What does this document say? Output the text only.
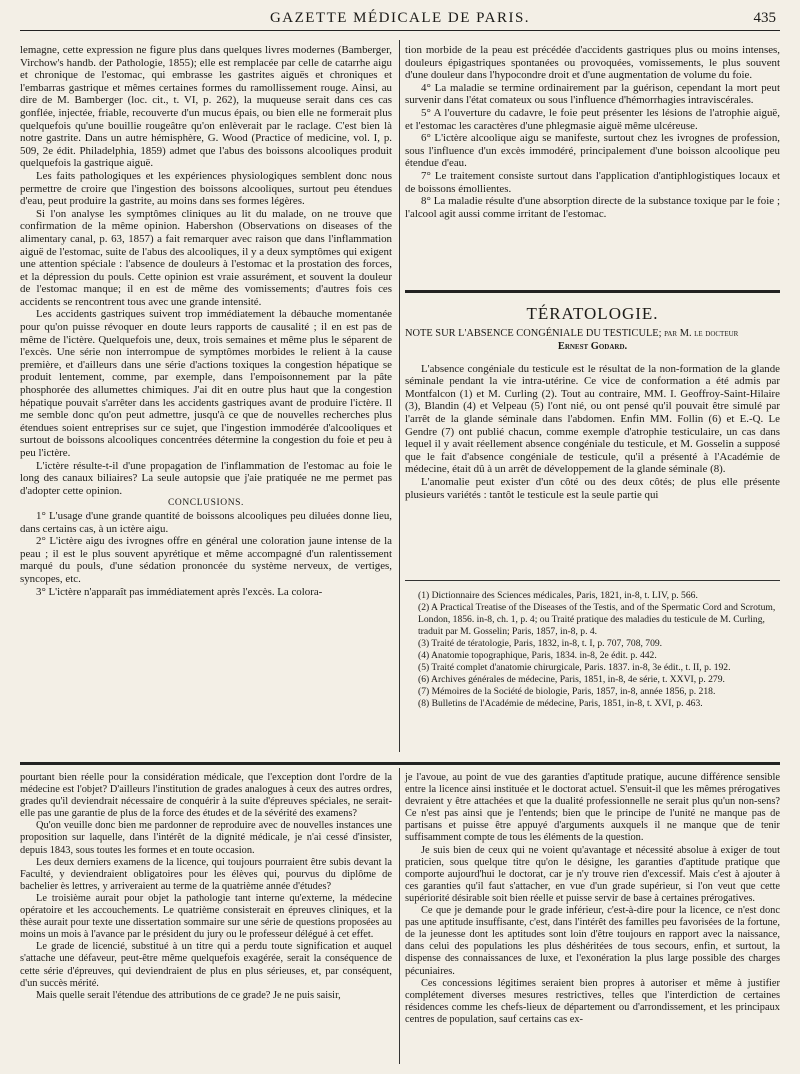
GAZETTE MÉDICALE DE PARIS.	435

lemagne, cette expression ne figure plus dans quelques livres modernes (Bamberger, Virchow's handb. der Pathologie, 1855); elle est remplacée par celle de catarrhe aigu et chronique de l'estomac, qui embrasse les gastrites aiguës et chroniques et l'embarras gastrique et mêmes certaines formes du ramollissement rouge. Ainsi, au dire de M. Bamberger (loc. cit., t. VI, p. 262), la muqueuse serait dans ces cas gonflée, injectée, friable, recouverte d'un mucus épais, ou bien elle ne formerait plus quelquefois qu'une bouillie rougeâtre qu'on enlèverait par le raclage. C'est bien là notre gastrite. Dans un autre hémisphère, G. Wood (Practice of medicine, vol. I, p. 509, 2e édit. Philadelphia, 1859) admet que l'abus des boissons alcooliques produit quelquefois la gastrique aiguë.

Les faits pathologiques et les expériences physiologiques semblent donc nous permettre de croire que l'ingestion des boissons alcooliques, surtout peu étendues d'eau, peut produire la gastrite, au moins dans ses formes légères.

Si l'on analyse les symptômes cliniques au lit du malade, on ne trouve que confirmation de la même opinion. Habershon (Observations on diseases of the alimentary canal, p. 63, 1857) a fait remarquer avec raison que dans l'inflammation aiguë de l'estomac, suite de l'abus des alcooliques, il y a deux symptômes qui exigent une attention spéciale : l'absence de douleurs à l'estomac et la prostation des forces, et la dépression du pouls. Cette opinion est vraie assurément, et souvent la douleur de l'estomac manque; il en est de même des vomissements; d'autres fois ces accidents se rencontrent tous avec une grande intensité.

Les accidents gastriques suivent trop immédiatement la débauche momentanée pour qu'on puisse révoquer en doute leurs rapports de causalité ; il en est pas de même de l'ictère. Quelquefois une, deux, trois semaines et même plus le séparent de l'excès. Une série non interrompue de symptômes morbides le relient à la cause première, et d'ailleurs dans une série d'actions toxiques la congestion hépatique se produit lentement, comme, par exemple, dans l'empoisonnement par la pâte phosphorée des allumettes chimiques. J'ai dit en outre plus haut que la congestion hépatique pouvait s'arrêter dans les accidents gastriques avant de produire l'ictère. Il me semble donc qu'on peut admettre, jusqu'à ce que de nouvelles recherches plus étendues soient entreprises sur ce sujet, que l'ingestion immodérée d'alcooliques et surtout de boissons alcooliques concentrées détermine la congestion du foie et peu à peu l'ictère.

L'ictère résulte-t-il d'une propagation de l'inflammation de l'estomac au foie le long des canaux biliaires? La seule autopsie que j'aie pratiquée ne me permet pas d'adopter cette opinion.

CONCLUSIONS.

1° L'usage d'une grande quantité de boissons alcooliques peu diluées donne lieu, dans certains cas, à un ictère aigu.

2° L'ictère aigu des ivrognes offre en général une coloration jaune intense de la peau ; il est le plus souvent apyrétique et même accompagné d'un ralentissement marqué du pouls, d'une sédation prononcée du système nerveux, de vertiges, syncopes, etc.

3° L'ictère n'apparaît pas immédiatement après l'excès. La colora-

tion morbide de la peau est précédée d'accidents gastriques plus ou moins intenses, douleurs épigastriques spontanées ou provoquées, vomissements, le plus souvent d'une douleur dans l'hypocondre droit et d'une augmentation de volume du foie.

4° La maladie se termine ordinairement par la guérison, cependant la mort peut survenir dans l'état comateux ou sous l'influence d'hémorrhagies intraviscérales.

5° A l'ouverture du cadavre, le foie peut présenter les lésions de l'atrophie aiguë, et l'estomac les caractères d'une phlegmasie aiguë même ulcéreuse.

6° L'ictère alcoolique aigu se manifeste, surtout chez les ivrognes de profession, sous l'influence d'un excès immodéré, principalement d'une boisson alcoolique peu étendue d'eau.

7° Le traitement consiste surtout dans l'application d'antiphlogistiques locaux et de boissons émollientes.

8° La maladie résulte d'une absorption directe de la substance toxique par le foie ; l'alcool agit aussi comme irritant de l'estomac.

TÉRATOLOGIE.
NOTE SUR L'ABSENCE CONGÉNIALE DU TESTICULE; par M. le docteur
Ernest Godard.

L'absence congéniale du testicule est le résultat de la non-formation de la glande séminale pendant la vie intra-utérine. Ce vice de conformation a été admis par Montfalcon (1) et M. Curling (2). Tout au contraire, MM. I. Geoffroy-Saint-Hilaire (3), Blandin (4) et Velpeau (5) l'ont nié, ou ont pensé qu'il pouvait être simulé par l'arrêt de la glande séminale dans l'abdomen. Enfin MM. Follin (6) et E.-Q. Le Gendre (7) ont publié chacun, comme exemple d'atrophie testiculaire, un cas dans lequel il y avait réellement absence congéniale du testicule, et M. Gosselin a supposé que le fait d'absence congéniale de testicule, qu'il a présenté à l'Académie de médecine, était dû à un arrêt de développement de la glande séminale (8).

L'anomalie peut exister d'un côté ou des deux côtés; de plus elle présente plusieurs variétés : tantôt le testicule est la seule partie qui

(1) Dictionnaire des Sciences médicales, Paris, 1821, in-8, t. LIV, p. 566.
(2) A Practical Treatise of the Diseases of the Testis, and of the Spermatic Cord and Scrotum, London, 1856. in-8, ch. 1, p. 4; ou Traité pratique des maladies du testicule de M. Curling, traduit par M. Gosselin; Paris, 1857, in-8, p. 4.
(3) Traité de tératologie, Paris, 1832, in-8, t. I, p. 707, 708, 709.
(4) Anatomie topographique, Paris, 1834. in-8, 2e édit. p. 442.
(5) Traité complet d'anatomie chirurgicale, Paris. 1837. in-8, 3e édit., t. II, p. 192.
(6) Archives générales de médecine, Paris, 1851, in-8, 4e série, t. XXVI, p. 279.
(7) Mémoires de la Société de biologie, Paris, 1857, in-8, année 1856, p. 218.
(8) Bulletins de l'Académie de médecine, Paris, 1851, in-8, t. XVI, p. 463.

pourtant bien réelle pour la considération médicale, que l'exception dont l'ordre de la médecine est l'objet? D'ailleurs l'institution de grades analogues à ceux des autres ordres, grades qu'il deviendrait nécessaire de conquérir à la suite d'épreuves spéciales, ne serait-elle pas une garantie de plus de la force des études et de la sévérité des examens?

Qu'on veuille donc bien me pardonner de reproduire avec de nouvelles instances une proposition sur laquelle, dans l'intérêt de la dignité médicale, je n'ai cessé d'insister, depuis 1843, sous toutes les formes et en toute occasion.

Les deux derniers examens de la licence, qui toujours pourraient être subis devant la Faculté, y deviendraient obligatoires pour les élèves qui, pourvus du diplôme de bachelier ès lettres, y arriveraient au terme de la quatrième année d'études?

Le troisième aurait pour objet la pathologie tant interne qu'externe, la médecine opératoire et les accouchements. Le quatrième consisterait en épreuves cliniques, et la thèse aurait pour texte une dissertation sommaire sur une série de questions proposées au moins un mois à l'avance par le président du jury ou le professeur délégué à cet effet.

Le grade de licencié, substitué à un titre qui a perdu toute signification et auquel s'attache une défaveur, peut-être même quelquefois exagérée, serait la conséquence de cette série d'épreuves, qui deviendraient de plus en plus sérieuses, et, par conséquent, d'un succès mérité.

Mais quelle serait l'étendue des attributions de ce grade? Je ne puis saisir,

je l'avoue, au point de vue des garanties d'aptitude pratique, aucune différence sensible entre la licence ainsi instituée et le doctorat actuel. S'ensuit-il que les mêmes prérogatives devraient y être attachées et que la dualité professionnelle ne serait plus qu'un non-sens? Ce n'est pas ainsi que je l'entends; bien que le principe de l'unité ne manque pas de partisans et puisse être appuyé d'arguments auxquels il ne manque que de tenir suffisamment compte de tous les éléments de la question.

Je suis bien de ceux qui ne voient qu'avantage et nécessité absolue à exiger de tout praticien, sous quelque titre qu'on le désigne, les garanties d'aptitude pratique que comporte aujourd'hui le doctorat, car je n'y trouve rien d'excessif. Mais c'est à ajouter à ces garanties qu'il faut s'attacher, en vue d'un grade supérieur, si l'on veut que cette supériorité désirable soit bien réelle et puisse servir de base à certaines prérogatives.

Ce que je demande pour le grade inférieur, c'est-à-dire pour la licence, ce n'est donc pas une aptitude insuffisante, c'est, dans l'intérêt des familles peu favorisées de la fortune, de la jeunesse dont les aptitudes sont loin d'être toujours en rapport avec la naissance, dans celui des populations les plus déshéritées de tous secours, enfin, et surtout, la dispense des connaissances de luxe, et l'exonération la plus large possible des charges pécuniaires.

Ces concessions légitimes seraient bien propres à autoriser et même à justifier complétement diverses mesures restrictives, telles que l'interdiction de certaines résidences comme les chefs-lieux de département ou d'arrondissement, et les principaux centres de population, sauf certains cas ex-
